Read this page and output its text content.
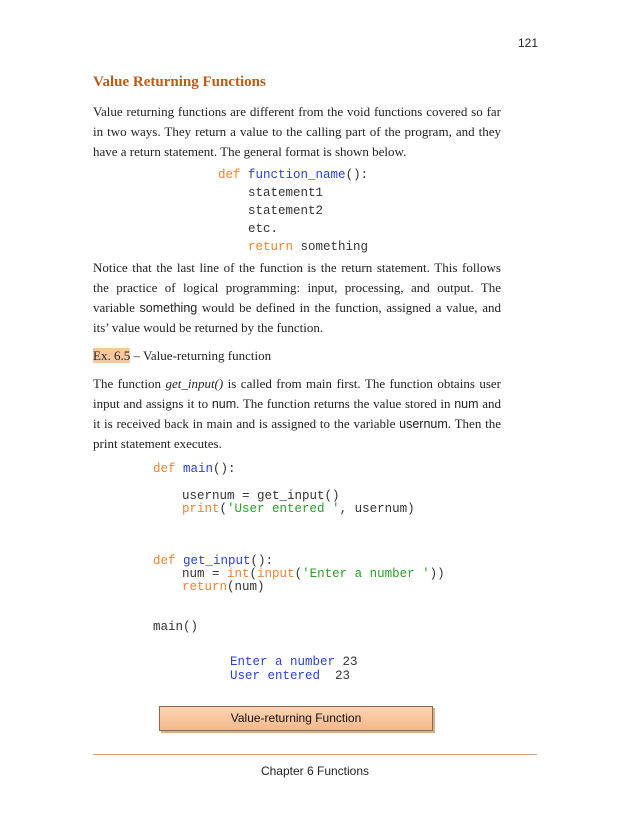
121
Value Returning Functions
Value returning functions are different from the void functions covered so far in two ways. They return a value to the calling part of the program, and they have a return statement. The general format is shown below.
def function_name():
statement1
statement2
etc.
return something
Notice that the last line of the function is the return statement. This follows the practice of logical programming: input, processing, and output. The variable something would be defined in the function, assigned a value, and its’ value would be returned by the function.
Ex. 6.5 – Value-returning function
The function get_input() is called from main first. The function obtains user input and assigns it to num. The function returns the value stored in num and it is received back in main and is assigned to the variable usernum. Then the print statement executes.
def main():
usernum = get_input()
print('User entered ', usernum)
def get_input():
num = int(input('Enter a number '))
return(num)
main()
Enter a number 23
User entered  23
Value-returning Function
Chapter 6 Functions
